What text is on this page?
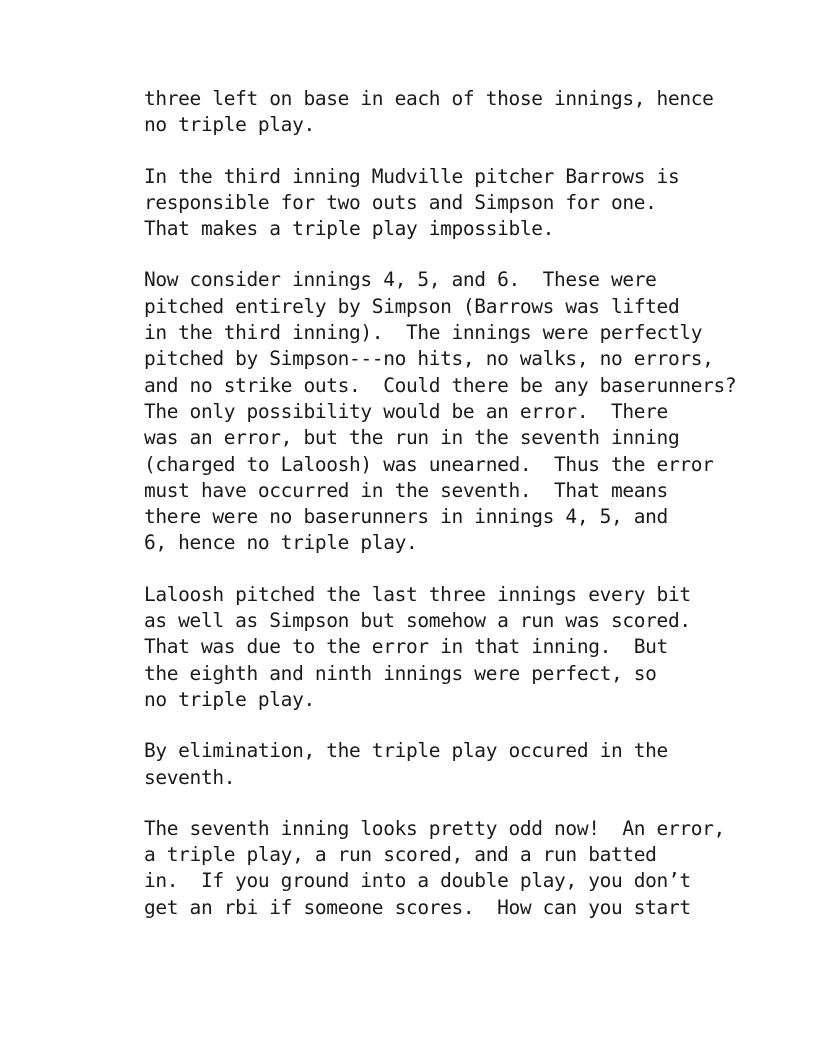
three left on base in each of those innings, hence
no triple play.

In the third inning Mudville pitcher Barrows is
responsible for two outs and Simpson for one.
That makes a triple play impossible.

Now consider innings 4, 5, and 6.  These were
pitched entirely by Simpson (Barrows was lifted
in the third inning).  The innings were perfectly
pitched by Simpson---no hits, no walks, no errors,
and no strike outs.  Could there be any baserunners?
The only possibility would be an error.  There
was an error, but the run in the seventh inning
(charged to Laloosh) was unearned.  Thus the error
must have occurred in the seventh.  That means
there were no baserunners in innings 4, 5, and
6, hence no triple play.

Laloosh pitched the last three innings every bit
as well as Simpson but somehow a run was scored.
That was due to the error in that inning.  But
the eighth and ninth innings were perfect, so
no triple play.

By elimination, the triple play occured in the
seventh.

The seventh inning looks pretty odd now!  An error,
a triple play, a run scored, and a run batted
in.  If you ground into a double play, you don’t
get an rbi if someone scores.  How can you start
